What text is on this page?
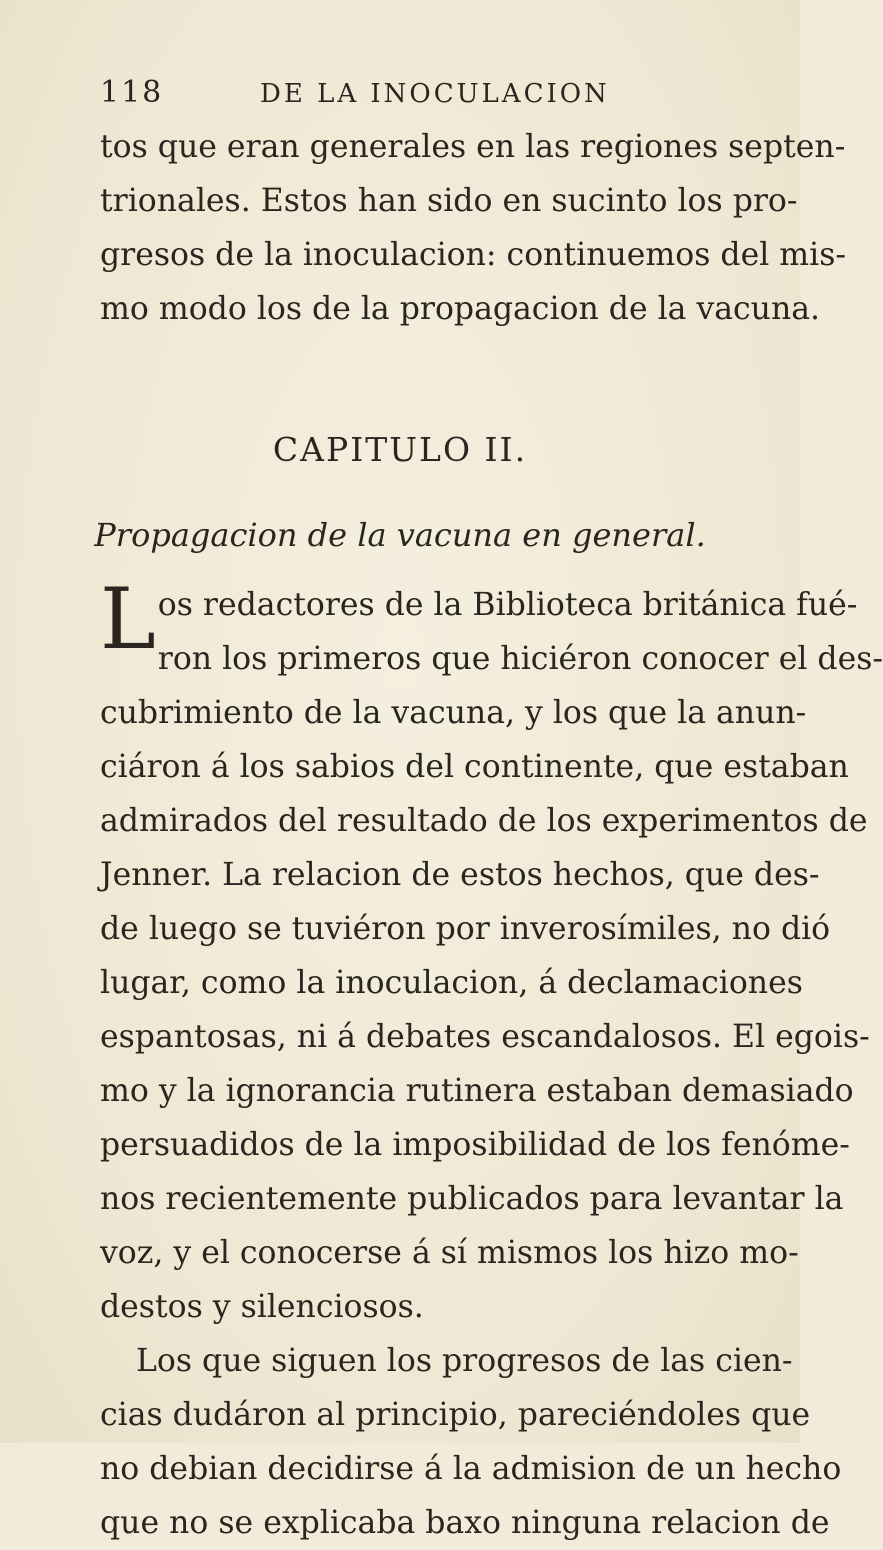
118	DE LA INOCULACION
tos que eran generales en las regiones septen-
trionales. Estos han sido en sucinto los pro-
gresos de la inoculacion: continuemos del mis-
mo modo los de la propagacion de la vacuna.
CAPITULO II.
Propagacion de la vacuna en general.
L os redactores de la Biblioteca británica fué-
ron los primeros que hiciéron conocer el des-
cubrimiento de la vacuna, y los que la anun-
ciáron á los sabios del continente, que estaban
admirados del resultado de los experimentos de
Jenner. La relacion de estos hechos, que des-
de luego se tuviéron por inverosímiles, no dió
lugar, como la inoculacion, á declamaciones
espantosas, ni á debates escandalosos. El egois-
mo y la ignorancia rutinera estaban demasiado
persuadidos de la imposibilidad de los fenóme-
nos recientemente publicados para levantar la
voz, y el conocerse á sí mismos los hizo mo-
destos y silenciosos.
Los que siguen los progresos de las cien-
cias dudáron al principio, pareciéndoles que
no debian decidirse á la admision de un hecho
que no se explicaba baxo ninguna relacion de
